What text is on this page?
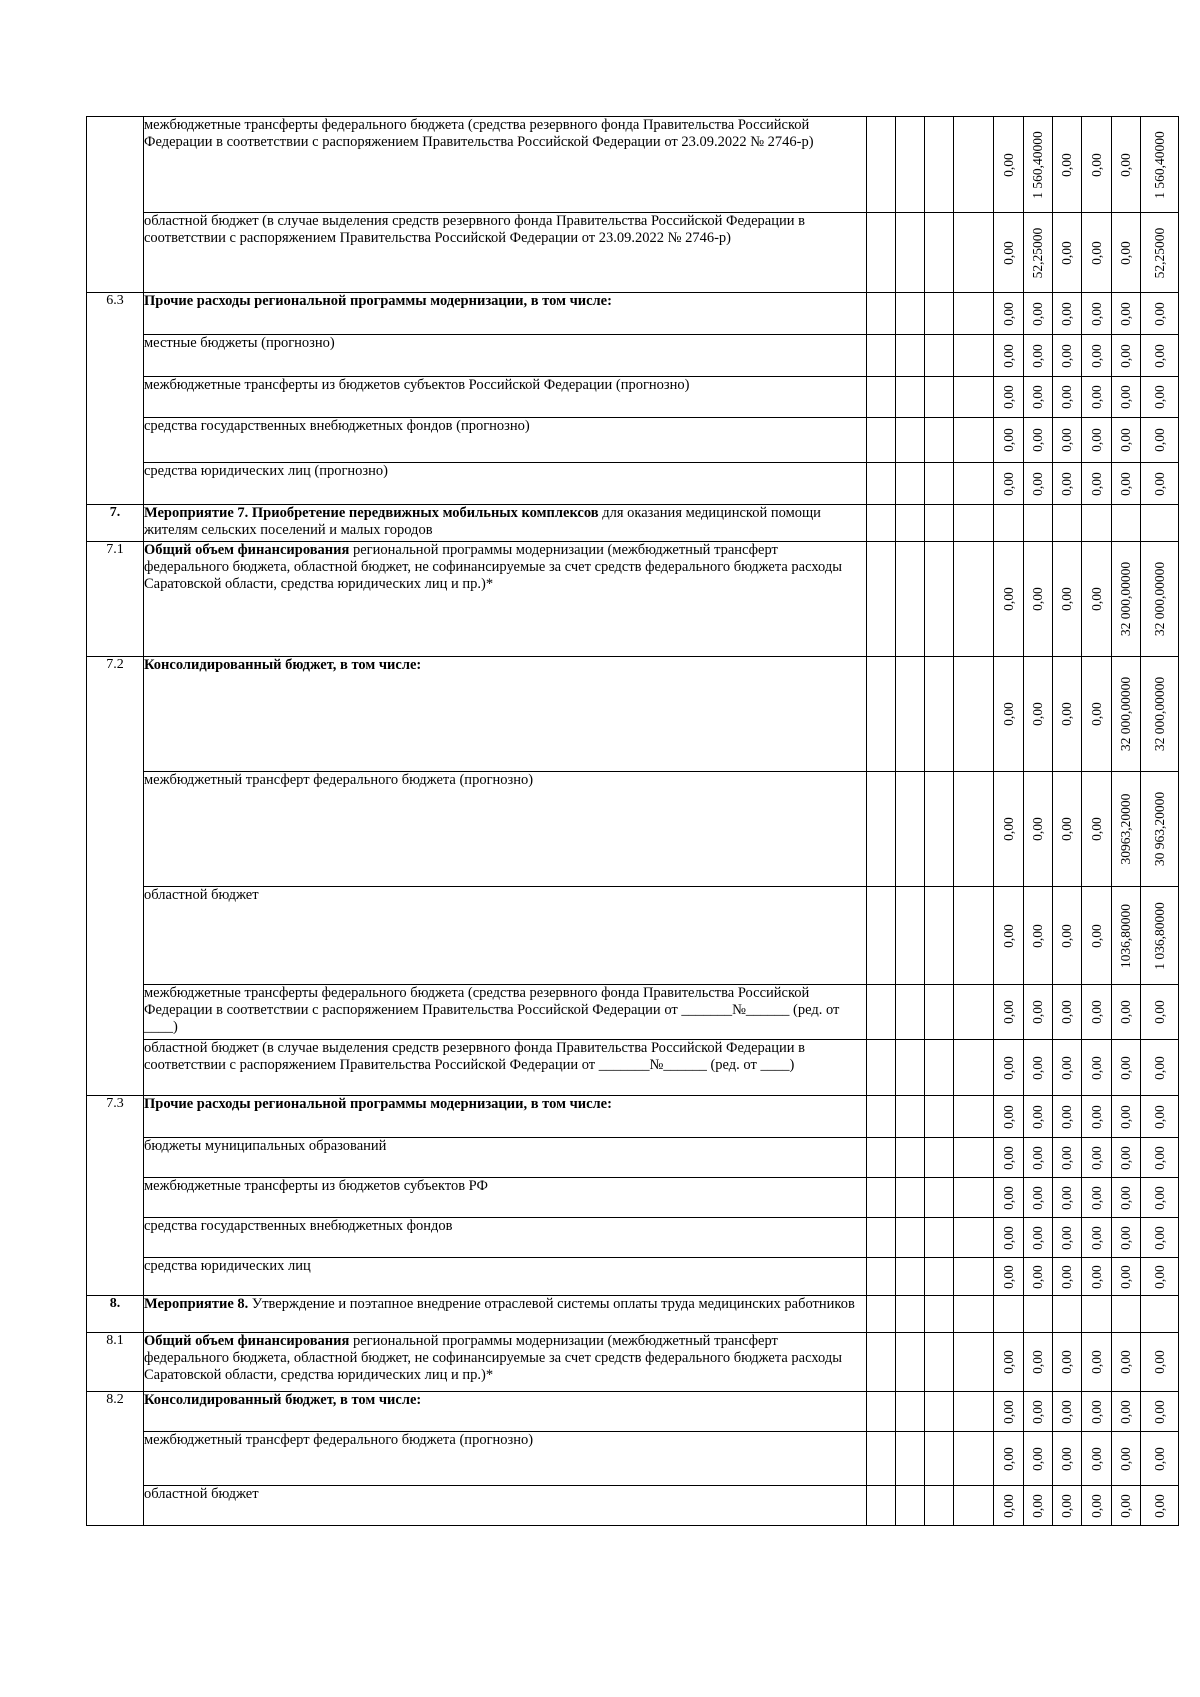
	межбюджетные трансферты федерального бюджета (средства резервного фонда Правительства Российской Федерации в соответствии с распоряжением Правительства Российской Федерации от 23.09.2022 № 2746-р)					0,00	1 560,40000	0,00	0,00	0,00	1 560,40000

	областной бюджет (в случае выделения средств резервного фонда Правительства Российской Федерации в соответствии с распоряжением Правительства Российской Федерации от 23.09.2022 № 2746-р)					0,00	52,25000	0,00	0,00	0,00	52,25000

6.3	Прочие расходы региональной программы модернизации, в том числе:					0,00	0,00	0,00	0,00	0,00	0,00

	местные бюджеты (прогнозно)					0,00	0,00	0,00	0,00	0,00	0,00

	межбюджетные трансферты из бюджетов субъектов Российской Федерации (прогнозно)					0,00	0,00	0,00	0,00	0,00	0,00

	средства государственных внебюджетных фондов (прогнозно)					0,00	0,00	0,00	0,00	0,00	0,00

	средства юридических лиц (прогнозно)					0,00	0,00	0,00	0,00	0,00	0,00

7.	Мероприятие 7. Приобретение передвижных мобильных комплексов для оказания медицинской помощи жителям сельских поселений и малых городов					

7.1	Общий объем финансирования региональной программы модернизации (межбюджетный трансферт федерального бюджета, областной бюджет, не софинансируемые за счет средств федерального бюджета расходы Саратовской области, средства юридических лиц и пр.)*					0,00	0,00	0,00	0,00	32 000,00000	32 000,00000

7.2	Консолидированный бюджет, в том числе:					0,00	0,00	0,00	0,00	32 000,00000	32 000,00000

	межбюджетный трансферт федерального бюджета (прогнозно)					0,00	0,00	0,00	0,00	30963,20000	30 963,20000

	областной бюджет					0,00	0,00	0,00	0,00	1036,80000	1 036,80000

	межбюджетные трансферты федерального бюджета (средства резервного фонда Правительства Российской Федерации в соответствии с распоряжением Правительства Российской Федерации от _______№______ (ред. от ____)					0,00	0,00	0,00	0,00	0,00	0,00

	областной бюджет (в случае выделения средств резервного фонда Правительства Российской Федерации в соответствии с распоряжением Правительства Российской Федерации от _______№______ (ред. от ____)					0,00	0,00	0,00	0,00	0,00	0,00

7.3	Прочие расходы региональной программы модернизации, в том числе:					0,00	0,00	0,00	0,00	0,00	0,00

	бюджеты муниципальных образований					0,00	0,00	0,00	0,00	0,00	0,00

	межбюджетные трансферты из бюджетов субъектов РФ					0,00	0,00	0,00	0,00	0,00	0,00

	средства государственных внебюджетных фондов					0,00	0,00	0,00	0,00	0,00	0,00

	средства юридических лиц					0,00	0,00	0,00	0,00	0,00	0,00

8.	Мероприятие 8. Утверждение и поэтапное внедрение отраслевой системы оплаты труда медицинских работников					

8.1	Общий объем финансирования региональной программы модернизации (межбюджетный трансферт федерального бюджета, областной бюджет, не софинансируемые за счет средств федерального бюджета расходы Саратовской области, средства юридических лиц и пр.)*					0,00	0,00	0,00	0,00	0,00	0,00

8.2	Консолидированный бюджет, в том числе:					0,00	0,00	0,00	0,00	0,00	0,00

	межбюджетный трансферт федерального бюджета (прогнозно)					0,00	0,00	0,00	0,00	0,00	0,00

	областной бюджет					0,00	0,00	0,00	0,00	0,00	0,00
